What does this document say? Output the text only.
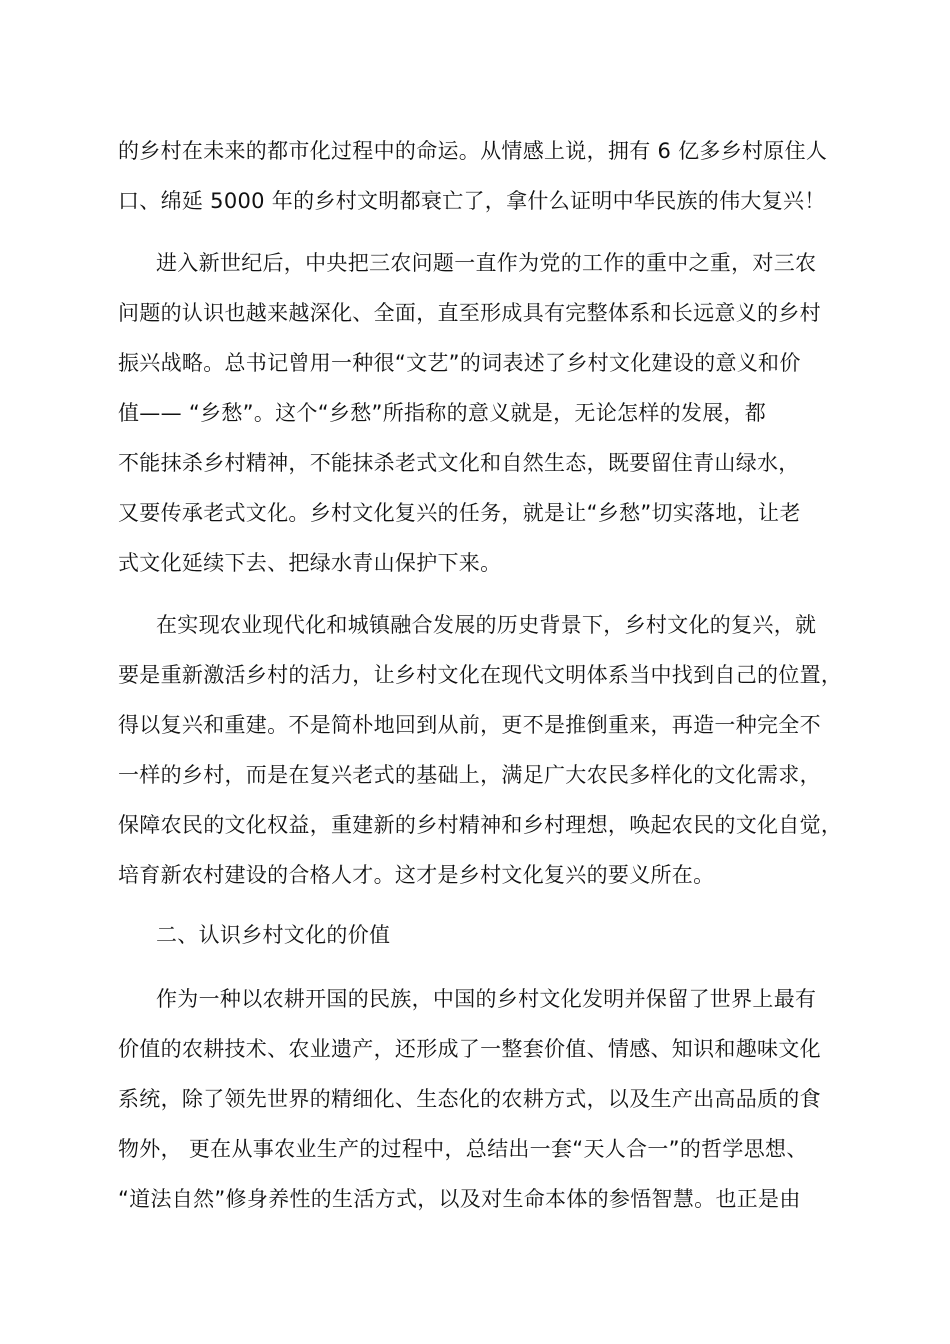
的乡村在未来的都市化过程中的命运。从情感上说，拥有 6 亿多乡村原住人
口、绵延 5000 年的乡村文明都衰亡了，拿什么证明中华民族的伟大复兴！
进入新世纪后，中央把三农问题一直作为党的工作的重中之重，对三农
问题的认识也越来越深化、全面，直至形成具有完整体系和长远意义的乡村
振兴战略。总书记曾用一种很“文艺”的词表述了乡村文化建设的意义和价
值—— “乡愁”。这个“乡愁”所指称的意义就是，无论怎样的发展，都
不能抹杀乡村精神，不能抹杀老式文化和自然生态，既要留住青山绿水，
又要传承老式文化。乡村文化复兴的任务，就是让“乡愁”切实落地，让老
式文化延续下去、把绿水青山保护下来。
在实现农业现代化和城镇融合发展的历史背景下，乡村文化的复兴，就
要是重新激活乡村的活力，让乡村文化在现代文明体系当中找到自己的位置，
得以复兴和重建。不是简朴地回到从前，更不是推倒重来，再造一种完全不
一样的乡村，而是在复兴老式的基础上，满足广大农民多样化的文化需求，
保障农民的文化权益，重建新的乡村精神和乡村理想，唤起农民的文化自觉，
培育新农村建设的合格人才。这才是乡村文化复兴的要义所在。
二、认识乡村文化的价值
作为一种以农耕开国的民族，中国的乡村文化发明并保留了世界上最有
价值的农耕技术、农业遗产，还形成了一整套价值、情感、知识和趣味文化
系统，除了领先世界的精细化、生态化的农耕方式，以及生产出高品质的食
物外， 更在从事农业生产的过程中，总结出一套“天人合一”的哲学思想、
“道法自然”修身养性的生活方式，以及对生命本体的参悟智慧。也正是由
